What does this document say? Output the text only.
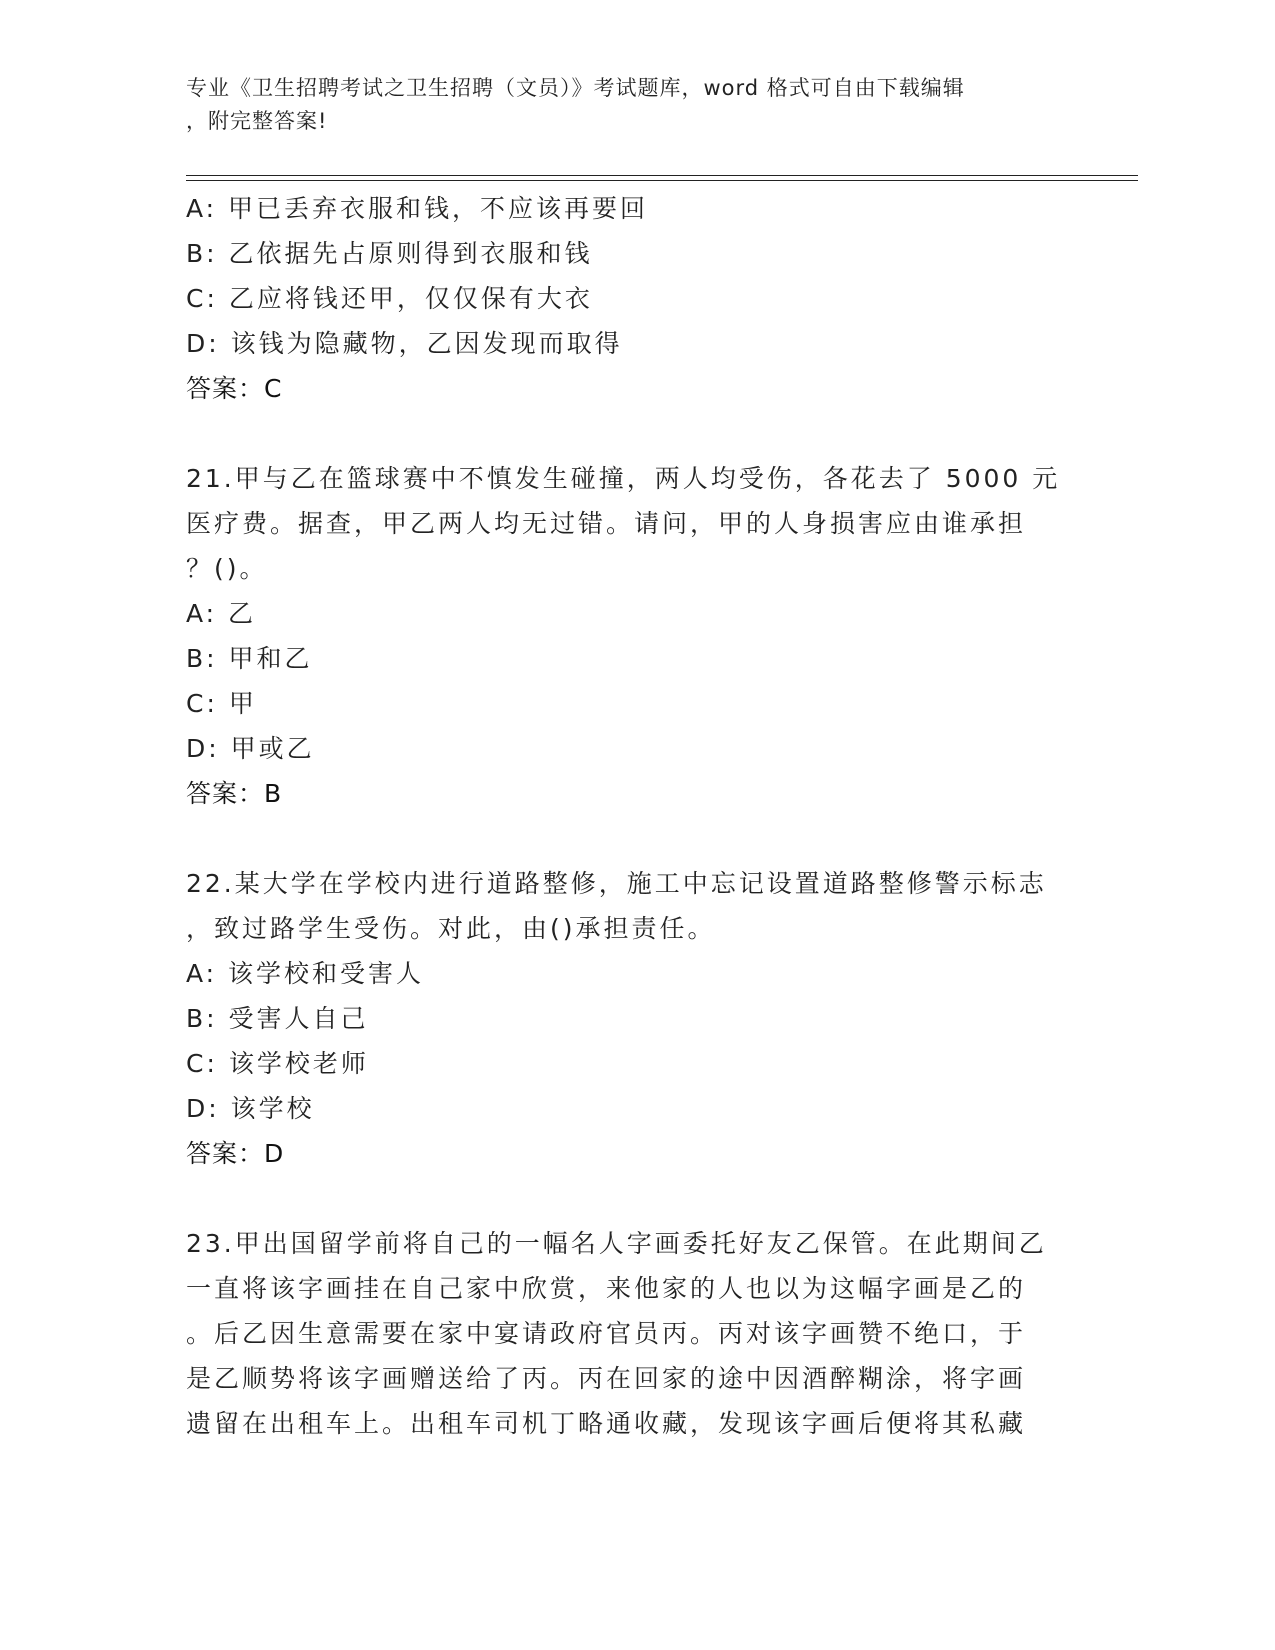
专业《卫生招聘考试之卫生招聘（文员）》考试题库，word 格式可自由下载编辑
，附完整答案!
A: 甲已丢弃衣服和钱，不应该再要回
B: 乙依据先占原则得到衣服和钱
C: 乙应将钱还甲，仅仅保有大衣
D: 该钱为隐藏物，乙因发现而取得
答案：C
21.甲与乙在篮球赛中不慎发生碰撞，两人均受伤，各花去了 5000 元
医疗费。据查，甲乙两人均无过错。请问，甲的人身损害应由谁承担
？()。
A: 乙
B: 甲和乙
C: 甲
D: 甲或乙
答案：B
22.某大学在学校内进行道路整修，施工中忘记设置道路整修警示标志
，致过路学生受伤。对此，由()承担责任。
A: 该学校和受害人
B: 受害人自己
C: 该学校老师
D: 该学校
答案：D
23.甲出国留学前将自己的一幅名人字画委托好友乙保管。在此期间乙
一直将该字画挂在自己家中欣赏，来他家的人也以为这幅字画是乙的
。后乙因生意需要在家中宴请政府官员丙。丙对该字画赞不绝口，于
是乙顺势将该字画赠送给了丙。丙在回家的途中因酒醉糊涂，将字画
遗留在出租车上。出租车司机丁略通收藏，发现该字画后便将其私藏
